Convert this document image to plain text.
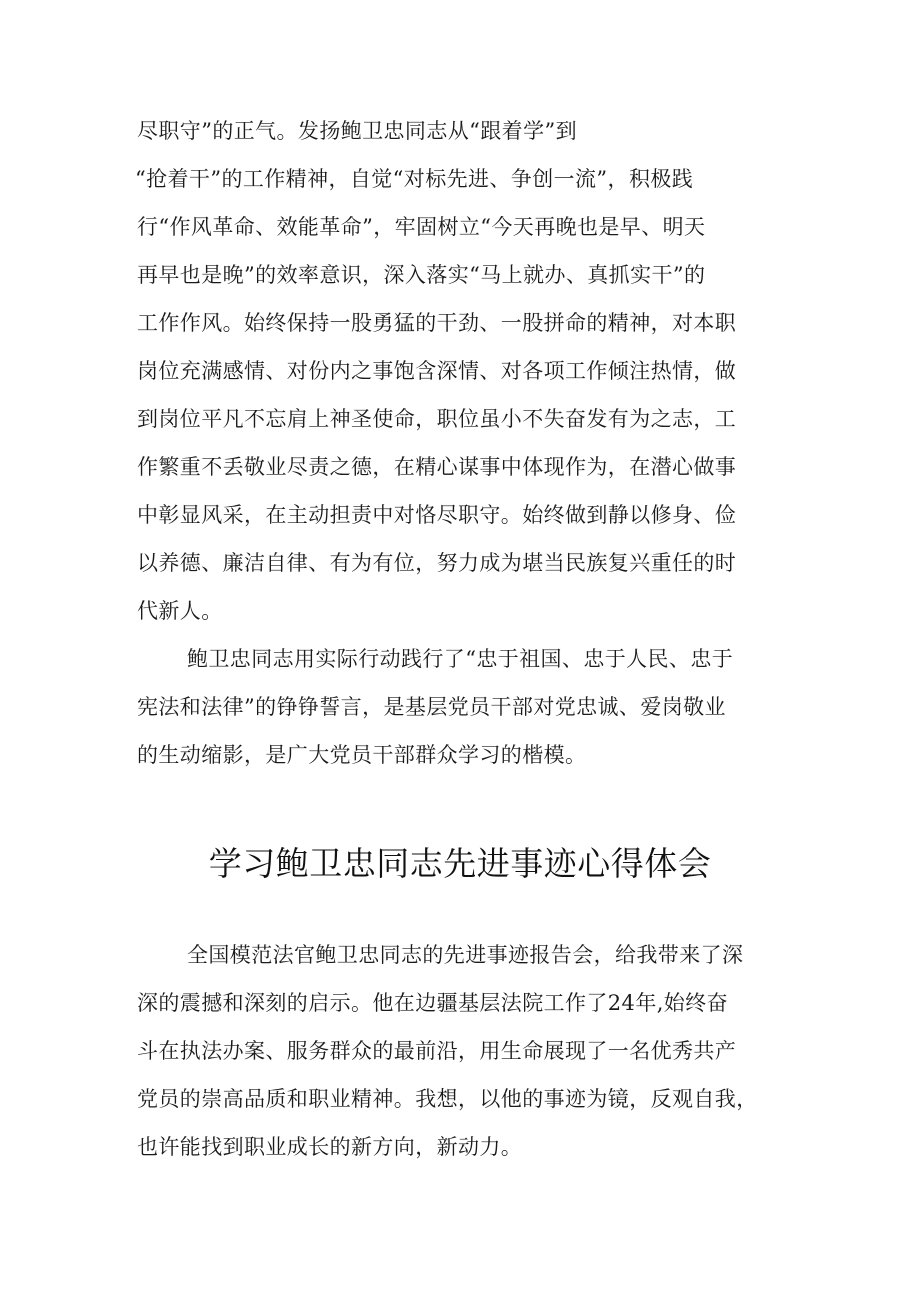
尽职守”的正气。发扬鲍卫忠同志从“跟着学”到
“抢着干”的工作精神，自觉“对标先进、争创一流”，积极践
行“作风革命、效能革命”，牢固树立“今天再晚也是早、明天
再早也是晚”的效率意识，深入落实“马上就办、真抓实干”的
工作作风。始终保持一股勇猛的干劲、一股拼命的精神，对本职
岗位充满感情、对份内之事饱含深情、对各项工作倾注热情，做
到岗位平凡不忘肩上神圣使命，职位虽小不失奋发有为之志，工
作繁重不丢敬业尽责之德，在精心谋事中体现作为，在潜心做事
中彰显风采，在主动担责中对恪尽职守。始终做到静以修身、俭
以养德、廉洁自律、有为有位，努力成为堪当民族复兴重任的时
代新人。
鲍卫忠同志用实际行动践行了“忠于祖国、忠于人民、忠于
宪法和法律”的铮铮誓言，是基层党员干部对党忠诚、爱岗敬业
的生动缩影，是广大党员干部群众学习的楷模。
学习鲍卫忠同志先进事迹心得体会
全国模范法官鲍卫忠同志的先进事迹报告会，给我带来了深
深的震撼和深刻的启示。他在边疆基层法院工作了24年,始终奋
斗在执法办案、服务群众的最前沿，用生命展现了一名优秀共产
党员的崇高品质和职业精神。我想，以他的事迹为镜，反观自我，
也许能找到职业成长的新方向，新动力。
